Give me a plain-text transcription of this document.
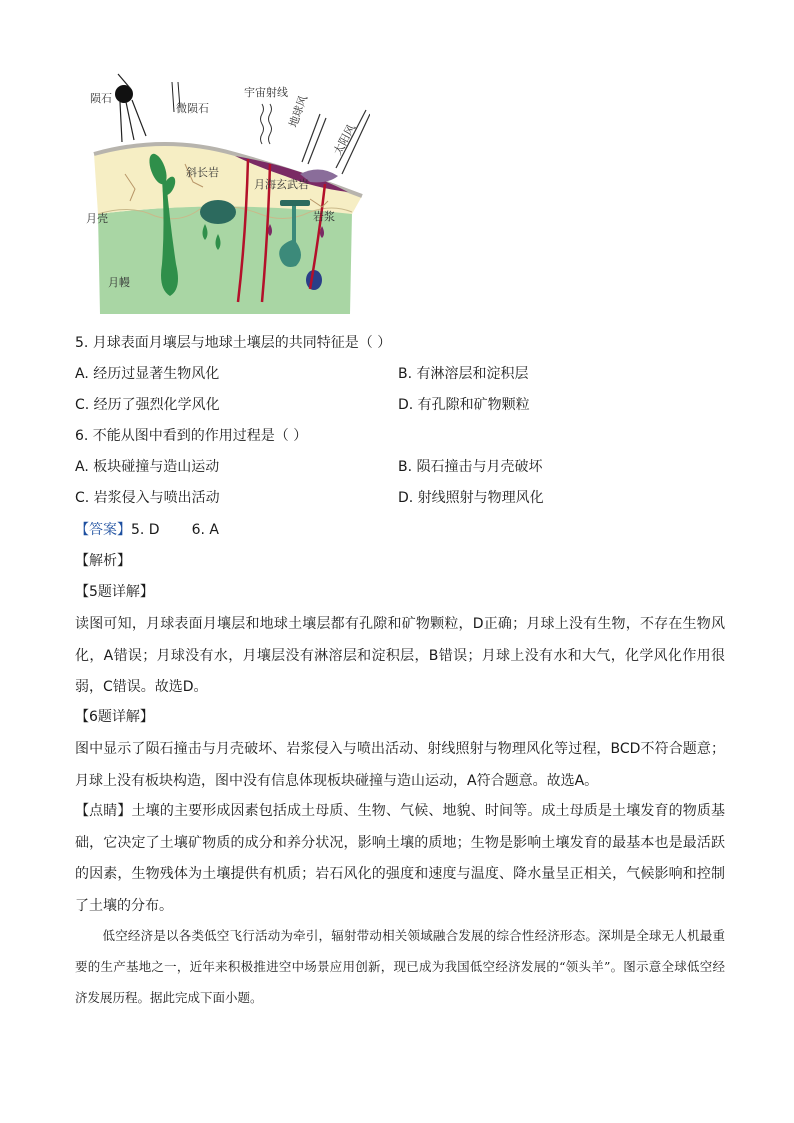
陨石
微陨石
宇宙射线
地球风
太阳风
斜长岩
月海玄武岩
岩浆
月壳
月幔
5. 月球表面月壤层与地球土壤层的共同特征是（ ）
A. 经历过显著生物风化	B. 有淋溶层和淀积层
C. 经历了强烈化学风化	D. 有孔隙和矿物颗粒
6. 不能从图中看到的作用过程是（ ）
A. 板块碰撞与造山运动	B. 陨石撞击与月壳破坏
C. 岩浆侵入与喷出活动	D. 射线照射与物理风化
【答案】5. D 6. A
【解析】
【5题详解】
读图可知，月球表面月壤层和地球土壤层都有孔隙和矿物颗粒，D正确；月球上没有生物，不存在生物风化，A错误；月球没有水，月壤层没有淋溶层和淀积层，B错误；月球上没有水和大气，化学风化作用很弱，C错误。故选D。
【6题详解】
图中显示了陨石撞击与月壳破坏、岩浆侵入与喷出活动、射线照射与物理风化等过程，BCD不符合题意；月球上没有板块构造，图中没有信息体现板块碰撞与造山运动，A符合题意。故选A。
【点睛】土壤的主要形成因素包括成土母质、生物、气候、地貌、时间等。成土母质是土壤发育的物质基础，它决定了土壤矿物质的成分和养分状况，影响土壤的质地；生物是影响土壤发育的最基本也是最活跃的因素，生物残体为土壤提供有机质；岩石风化的强度和速度与温度、降水量呈正相关，气候影响和控制了土壤的分布。
低空经济是以各类低空飞行活动为牵引，辐射带动相关领域融合发展的综合性经济形态。深圳是全球无人机最重要的生产基地之一，近年来积极推进空中场景应用创新，现已成为我国低空经济发展的“领头羊”。图示意全球低空经济发展历程。据此完成下面小题。
